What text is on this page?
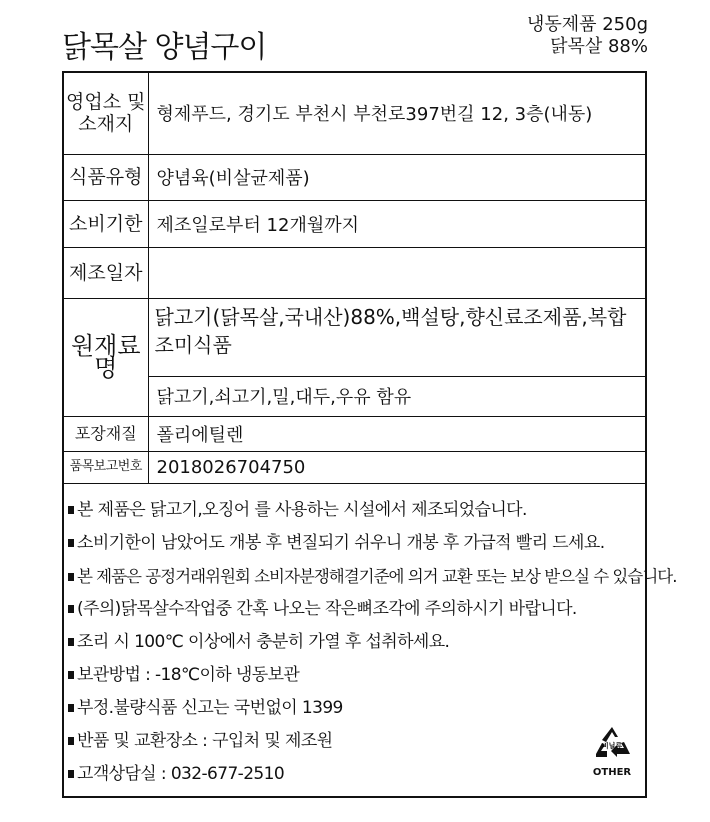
닭목살 양념구이
냉동제품 250g
닭목살 88%
영업소 및 소재지	형제푸드, 경기도 부천시 부천로397번길 12, 3층(내동)
식품유형	양념육(비살균제품)
소비기한	제조일로부터 12개월까지
제조일자	
원재료명	닭고기(닭목살,국내산)88%,백설탕,향신료조제품,복합조미식품
	닭고기,쇠고기,밀,대두,우유 함유
포장재질	폴리에틸렌
품목보고번호	2018026704750
본 제품은 닭고기,오징어 를 사용하는 시설에서 제조되었습니다.
소비기한이 남았어도 개봉 후 변질되기 쉬우니 개봉 후 가급적 빨리 드세요.
본 제품은 공정거래위원회 소비자분쟁해결기준에 의거 교환 또는 보상 받으실 수 있습니다.
(주의)닭목살수작업중 간혹 나오는 작은뼈조각에 주의하시기 바랍니다.
조리 시 100℃ 이상에서 충분히 가열 후 섭취하세요.
보관방법 : -18℃이하 냉동보관
부정.불량식품 신고는 국번없이 1399
반품 및 교환장소 : 구입처 및 제조원
고객상담실 : 032-677-2510
비닐류
OTHER
